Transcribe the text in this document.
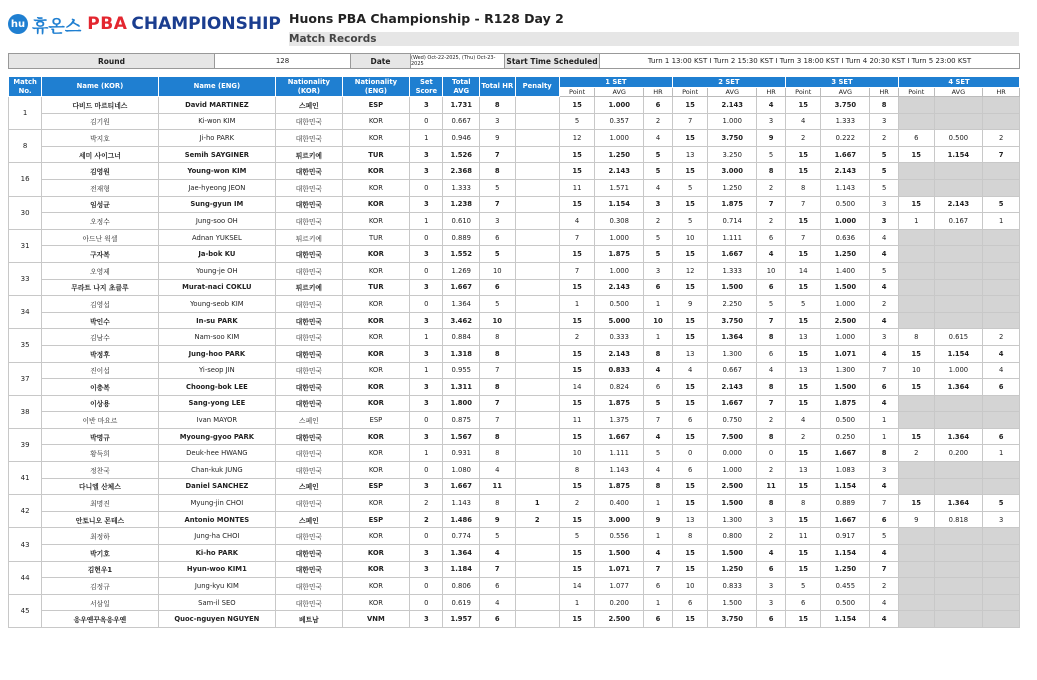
hu 휴온스 PBA CHAMPIONSHIP Huons PBA Championship - R128 Day 2
Match Records
Round	128	Date	(Wed) Oct-22-2025, (Thu) Oct-23-2025	Start Time Scheduled	Turn 1 13:00 KST I Turn 2 15:30 KST I Turn 3 18:00 KST I Turn 4 20:30 KST I Turn 5 23:00 KST
Match No.	Name (KOR)	Name (ENG)	Nationality (KOR)	Nationality (ENG)	Set Score	Total AVG	Total HR	Penalty	1 SET			2 SET			3 SET			4 SET		
									Point	AVG	HR	Point	AVG	HR	Point	AVG	HR	Point	AVG	HR
1	다비드 마르티네스	David MARTINEZ	스페인	ESP	3	1.731	8		15	1.000	6	15	2.143	4	15	3.750	8			
	김기원	Ki-won KIM	대한민국	KOR	0	0.667	3		5	0.357	2	7	1.000	3	4	1.333	3			
8	박지호	Ji-ho PARK	대한민국	KOR	1	0.946	9		12	1.000	4	15	3.750	9	2	0.222	2	6	0.500	2
	세미 사이그너	Semih SAYGINER	튀르키예	TUR	3	1.526	7		15	1.250	5	13	3.250	5	15	1.667	5	15	1.154	7
16	김영원	Young-won KIM	대한민국	KOR	3	2.368	8		15	2.143	5	15	3.000	8	15	2.143	5			
	전재형	Jae-hyeong JEON	대한민국	KOR	0	1.333	5		11	1.571	4	5	1.250	2	8	1.143	5			
30	임성균	Sung-gyun IM	대한민국	KOR	3	1.238	7		15	1.154	3	15	1.875	7	7	0.500	3	15	2.143	5
	오정수	Jung-soo OH	대한민국	KOR	1	0.610	3		4	0.308	2	5	0.714	2	15	1.000	3	1	0.167	1
31	아드난 윅셀	Adnan YUKSEL	튀르키예	TUR	0	0.889	6		7	1.000	5	10	1.111	6	7	0.636	4			
	구자복	Ja-bok KU	대한민국	KOR	3	1.552	5		15	1.875	5	15	1.667	4	15	1.250	4			
33	오영제	Young-je OH	대한민국	KOR	0	1.269	10		7	1.000	3	12	1.333	10	14	1.400	5			
	무라트 나지 초클루	Murat-naci COKLU	튀르키예	TUR	3	1.667	6		15	2.143	6	15	1.500	6	15	1.500	4			
34	김영섭	Young-seob KIM	대한민국	KOR	0	1.364	5		1	0.500	1	9	2.250	5	5	1.000	2			
	박인수	In-su PARK	대한민국	KOR	3	3.462	10		15	5.000	10	15	3.750	7	15	2.500	4			
35	김남수	Nam-soo KIM	대한민국	KOR	1	0.884	8		2	0.333	1	15	1.364	8	13	1.000	3	8	0.615	2
	박정후	Jung-hoo PARK	대한민국	KOR	3	1.318	8		15	2.143	8	13	1.300	6	15	1.071	4	15	1.154	4
37	진이섭	Yi-seop JIN	대한민국	KOR	1	0.955	7		15	0.833	4	4	0.667	4	13	1.300	7	10	1.000	4
	이충복	Choong-bok LEE	대한민국	KOR	3	1.311	8		14	0.824	6	15	2.143	8	15	1.500	6	15	1.364	6
38	이상용	Sang-yong LEE	대한민국	KOR	3	1.800	7		15	1.875	5	15	1.667	7	15	1.875	4			
	이반 마요르	Ivan MAYOR	스페인	ESP	0	0.875	7		11	1.375	7	6	0.750	2	4	0.500	1			
39	박명규	Myoung-gyoo PARK	대한민국	KOR	3	1.567	8		15	1.667	4	15	7.500	8	2	0.250	1	15	1.364	6
	황득희	Deuk-hee HWANG	대한민국	KOR	1	0.931	8		10	1.111	5	0	0.000	0	15	1.667	8	2	0.200	1
41	정찬국	Chan-kuk JUNG	대한민국	KOR	0	1.080	4		8	1.143	4	6	1.000	2	13	1.083	3			
	다니엘 산체스	Daniel SANCHEZ	스페인	ESP	3	1.667	11		15	1.875	8	15	2.500	11	15	1.154	4			
42	최명진	Myung-jin CHOI	대한민국	KOR	2	1.143	8	1	2	0.400	1	15	1.500	8	8	0.889	7	15	1.364	5
	안토니오 몬테스	Antonio MONTES	스페인	ESP	2	1.486	9	2	15	3.000	9	13	1.300	3	15	1.667	6	9	0.818	3
43	최정하	Jung-ha CHOI	대한민국	KOR	0	0.774	5		5	0.556	1	8	0.800	2	11	0.917	5			
	박기호	Ki-ho PARK	대한민국	KOR	3	1.364	4		15	1.500	4	15	1.500	4	15	1.154	4			
44	김현우1	Hyun-woo KIM1	대한민국	KOR	3	1.184	7		15	1.071	7	15	1.250	6	15	1.250	7			
	김정규	Jung-kyu KIM	대한민국	KOR	0	0.806	6		14	1.077	6	10	0.833	3	5	0.455	2			
45	서삼일	Sam-il SEO	대한민국	KOR	0	0.619	4		1	0.200	1	6	1.500	3	6	0.500	4			
	응우옌꾸옥응우옌	Quoc-nguyen NGUYEN	베트남	VNM	3	1.957	6		15	2.500	6	15	3.750	6	15	1.154	4			
